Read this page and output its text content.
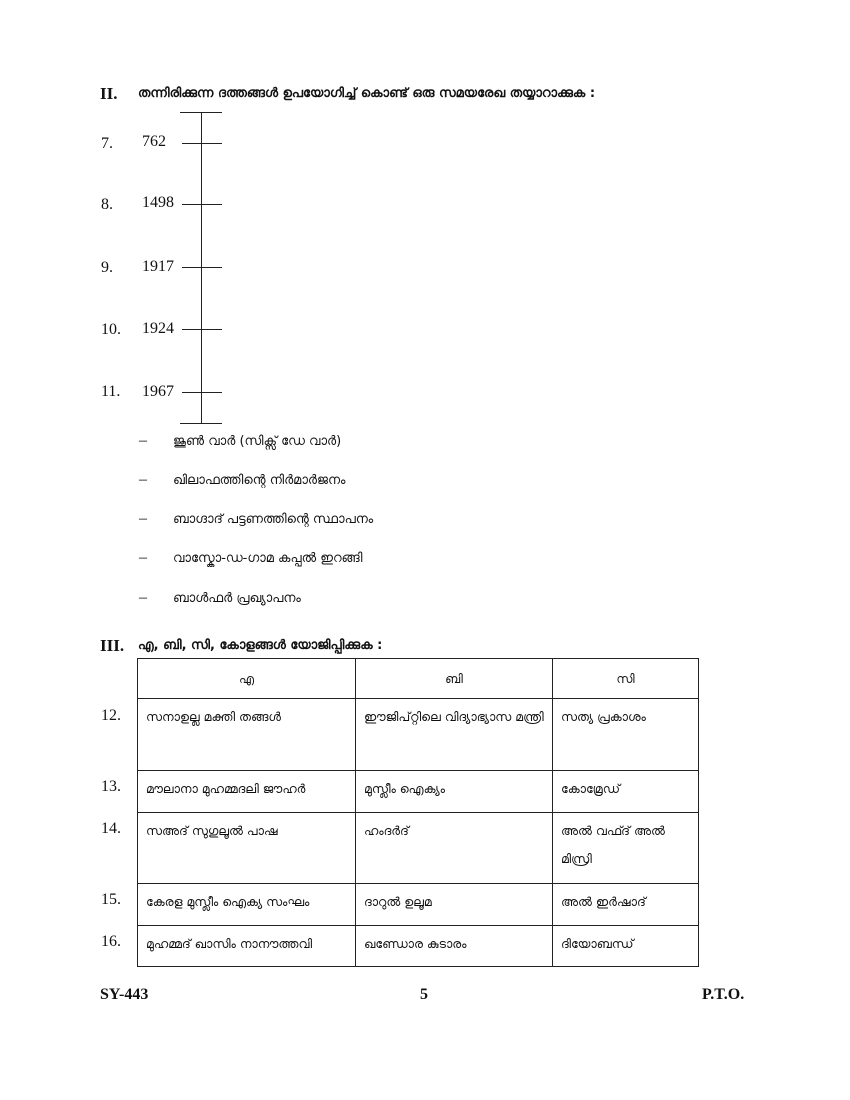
II. തന്നിരിക്കുന്ന ദത്തങ്ങൾ ഉപയോഗിച്ച് കൊണ്ട് ഒരു സമയരേഖ തയ്യാറാക്കുക :
7. 762
8. 1498
9. 1917
10. 1924
11. 1967
– ജൂൺ വാർ (സിക്സ് ഡേ വാർ)
– ഖിലാഫത്തിന്റെ നിർമാർജനം
– ബാഗ്ദാദ് പട്ടണത്തിന്റെ സ്ഥാപനം
– വാസ്കോ-ഡ-ഗാമ കപ്പൽ ഇറങ്ങി
– ബാൾഫർ പ്രഖ്യാപനം
III. എ, ബി, സി, കോളങ്ങൾ യോജിപ്പിക്കുക :
12.
13.
14.
15.
16.
എ	ബി	സി
സനാഉല്ല മക്തി തങ്ങൾ	ഈജിപ്റ്റിലെ വിദ്യാഭ്യാസ മന്ത്രി	സത്യ പ്രകാശം
മൗലാനാ മുഹമ്മദലി ജൗഹർ	മുസ്ലീം ഐക്യം	കോമ്രേഡ്
സഅദ് സുഗുലൂൽ പാഷ	ഹംദർദ്	അൽ വഫ്ദ് അൽ മിസ്രി
കേരള മുസ്ലീം ഐക്യ സംഘം	ദാറുൽ ഉലൂമ	അൽ ഇർഷാദ്
മുഹമ്മദ് ഖാസിം നാനൗത്തവി	ഖണ്ഡോര കുടാരം	ദിയോബന്ധ്
SY-443	5	P.T.O.
